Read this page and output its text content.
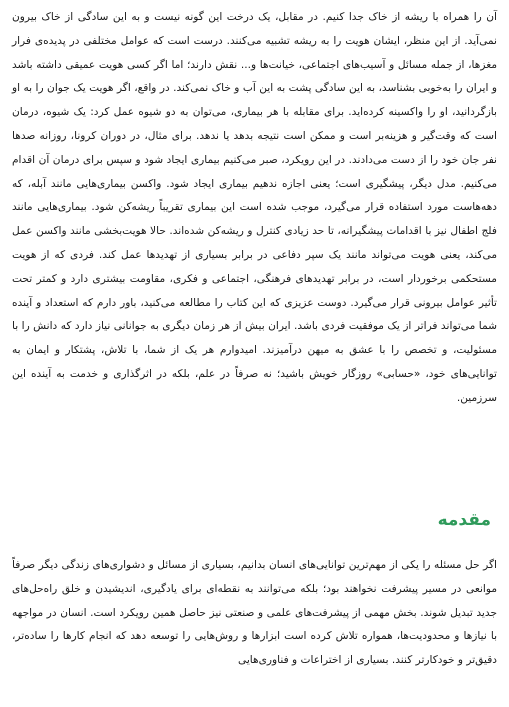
آن را همراه با ریشه از خاک جدا کنیم. در مقابل، یک درخت این گونه نیست و به این سادگی از خاک بیرون نمی‌آید. از این منظر، ایشان هویت را به ریشه تشبیه می‌کنند. درست است که عوامل مختلفی در پدیده‌ی فرار مغزها، از جمله مسائل و آسیب‌های اجتماعی، خیانت‌ها و... نقش دارند؛ اما اگر کسی هویت عمیقی داشته باشد و ایران را به‌خوبی بشناسد، به این سادگی پشت به این آب و خاک نمی‌کند. در واقع، اگر هویت یک جوان را به او بازگردانید، او را واکسینه کرده‌اید. برای مقابله با هر بیماری، می‌توان به دو شیوه عمل کرد: یک شیوه، درمان است که وقت‌گیر و هزینه‌بر است و ممکن است نتیجه بدهد یا ندهد. برای مثال، در دوران کرونا، روزانه صدها نفر جان خود را از دست می‌دادند. در این رویکرد، صبر می‌کنیم بیماری ایجاد شود و سپس برای درمان آن اقدام می‌کنیم. مدل دیگر، پیشگیری است؛ یعنی اجازه ندهیم بیماری ایجاد شود. واکسن بیماری‌هایی مانند آبله، که دهه‌هاست مورد استفاده قرار می‌گیرد، موجب شده است این بیماری تقریباً ریشه‌کن شود. بیماری‌هایی مانند فلج اطفال نیز با اقدامات پیشگیرانه، تا حد زیادی کنترل و ریشه‌کن شده‌اند. حالا هویت‌بخشی مانند واکسن عمل می‌کند، یعنی هویت می‌تواند مانند یک سپر دفاعی در برابر بسیاری از تهدیدها عمل کند. فردی که از هویت مستحکمی برخوردار است، در برابر تهدیدهای فرهنگی، اجتماعی و فکری، مقاومت بیشتری دارد و کمتر تحت تأثیر عوامل بیرونی قرار می‌گیرد. دوست عزیزی که این کتاب را مطالعه می‌کنید، باور دارم که استعداد و آینده شما می‌تواند فراتر از یک موفقیت فردی باشد. ایران بیش از هر زمان دیگری به جوانانی نیاز دارد که دانش را با مسئولیت، و تخصص را با عشق به میهن درآمیزند. امیدوارم هر یک از شما، با تلاش، پشتکار و ایمان به توانایی‌های خود، «حسابی» روزگار خویش باشید؛ نه صرفاً در علم، بلکه در اثرگذاری و خدمت به آینده این سرزمین.

مقدمه

اگر حل مسئله را یکی از مهم‌ترین توانایی‌های انسان بدانیم، بسیاری از مسائل و دشواری‌های زندگی دیگر صرفاً موانعی در مسیر پیشرفت نخواهند بود؛ بلکه می‌توانند به نقطه‌ای برای یادگیری، اندیشیدن و خلق راه‌حل‌های جدید تبدیل شوند. بخش مهمی از پیشرفت‌های علمی و صنعتی نیز حاصل همین رویکرد است. انسان در مواجهه با نیازها و محدودیت‌ها، همواره تلاش کرده است ابزارها و روش‌هایی را توسعه دهد که انجام کارها را ساده‌تر، دقیق‌تر و خودکارتر کنند. بسیاری از اختراعات و فناوری‌هایی
